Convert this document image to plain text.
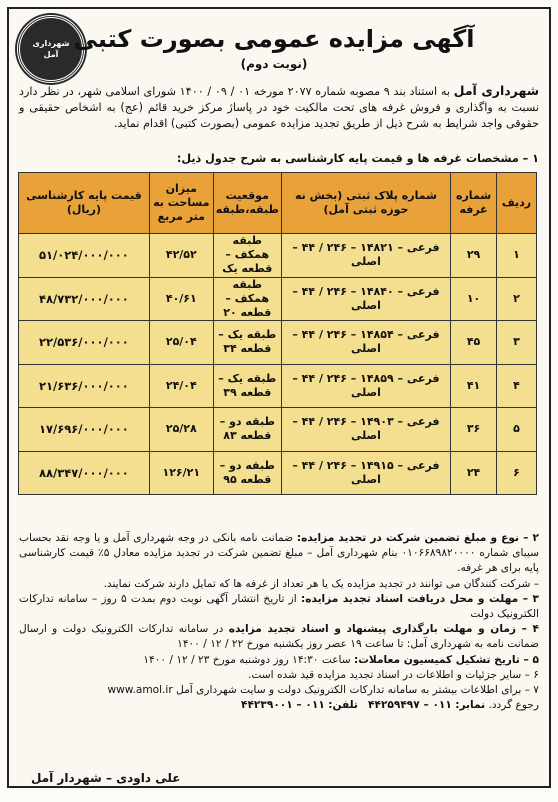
شهرداری
آمل
آگهی مزایده عمومی بصورت کتبی (نوبت دوم)
شهرداری آمل به استناد بند ۹ مصوبه شماره ۲۰۷۷ مورخه ۰۱ / ۰۹ / ۱۴۰۰ شورای اسلامی شهر، در نظر دارد نسبت به واگذاری و فروش غرفه های تحت مالکیت خود در پاساژ مرکز خرید قائم (عج) به اشخاص حقیقی و حقوقی واجد شرایط به شرح ذیل از طریق تجدید مزایده عمومی (بصورت کتبی) اقدام نماید.
۱ – مشخصات غرفه ها و قیمت پایه کارشناسی به شرح جدول ذیل:
ردیف	شماره غرفه	شماره پلاک ثبتی (بخش نه حوزه ثبتی آمل)	موقعیت طبقه،طبقه	میزان مساحت به متر مربع	قیمت پایه کارشناسی (ریال)
۱	۲۹	فرعی – ۱۴۸۲۱ – ۲۴۶ / ۴۴ – اصلی	طبقه همکف – قطعه یک	۴۲/۵۲	۵۱/۰۲۴/۰۰۰/۰۰۰
۲	۱۰	فرعی – ۱۴۸۴۰ – ۲۴۶ / ۴۴ – اصلی	طبقه همکف – قطعه ۲۰	۴۰/۶۱	۴۸/۷۳۲/۰۰۰/۰۰۰
۳	۴۵	فرعی – ۱۴۸۵۴ – ۲۴۶ / ۴۴ – اصلی	طبقه یک – قطعه ۳۴	۲۵/۰۴	۲۲/۵۳۶/۰۰۰/۰۰۰
۴	۴۱	فرعی – ۱۴۸۵۹ – ۲۴۶ / ۴۴ – اصلی	طبقه یک – قطعه ۳۹	۲۴/۰۴	۲۱/۶۳۶/۰۰۰/۰۰۰
۵	۳۶	فرعی – ۱۴۹۰۳ – ۲۴۶ / ۴۴ – اصلی	طبقه دو – قطعه ۸۳	۲۵/۲۸	۱۷/۶۹۶/۰۰۰/۰۰۰
۶	۲۴	فرعی – ۱۴۹۱۵ – ۲۴۶ / ۴۴ – اصلی	طبقه دو – قطعه ۹۵	۱۲۶/۲۱	۸۸/۳۴۷/۰۰۰/۰۰۰

۲ – نوع و مبلغ تضمین شرکت در تجدید مزایده: ضمانت نامه بانکی در وجه شهرداری آمل و یا وجه نقد بحساب سیبای شماره ۰۱۰۶۶۸۹۸۲۰۰۰۰ بنام شهرداری آمل – مبلغ تضمین شرکت در تجدید مزایده معادل ۵٪ قیمت کارشناسی پایه برای هر غرفه.

– شرکت کنندگان می توانند در تجدید مزایده یک یا هر تعداد از غرفه ها که تمایل دارند شرکت نمایند.

۳ – مهلت و محل دریافت اسناد تجدید مزایده: از تاریخ انتشار آگهی نوبت دوم بمدت ۵ روز – سامانه تدارکات الکترونیک دولت

۴ – زمان و مهلت بارگذاری پیشنهاد و اسناد تجدید مزایده در سامانه تدارکات الکترونیک دولت و ارسال ضمانت نامه به شهرداری آمل: تا ساعت ۱۹ عصر روز یکشنبه مورخ ۲۲ / ۱۲ / ۱۴۰۰

۵ – تاریخ تشکیل کمیسیون معاملات: ساعت ۱۴:۳۰ روز دوشنبه مورخ ۲۳ / ۱۲ / ۱۴۰۰

۶ – سایر جزئیات و اطلاعات در اسناد تجدید مزایده قید شده است.

۷ – برای اطلاعات بیشتر به سامانه تدارکات الکترونیک دولت و سایت شهرداری آمل www.amol.ir

رجوع گردد. نمابر: ۰۱۱ – ۴۴۲۵۹۴۹۷   تلفن: ۰۱۱ – ۴۴۲۳۹۰۰۱

علی داودی – شهردار آمل
